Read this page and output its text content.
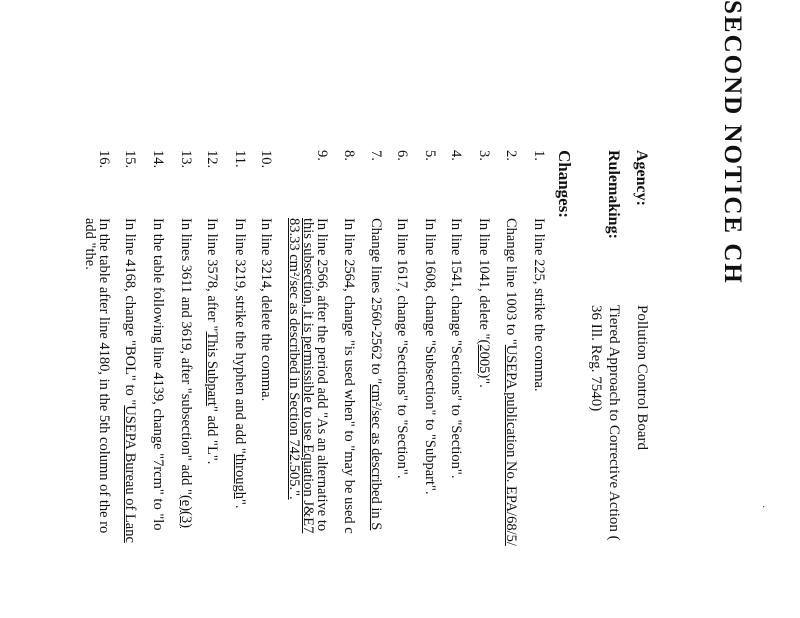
SECOND NOTICE CH
·
Agency:
Pollution Control Board
Rulemaking:
Tiered Approach to Corrective Action (
36 Ill. Reg. 7540)
Changes:
1.
In line 225, strike the comma.
2.
Change line 1003 to "USEPA publication No. EPA/68/5/
3.
In line 1041, delete "(2005)".
4.
In line 1541, change "Sections" to "Section".
5.
In line 1608, change "Subsection" to "Subpart".
6.
In line 1617, change "Sections" to "Section".
7.
Change lines 2560-2562 to "cm²/sec as described in S
8.
In line 2564, change "is used when" to "may be used c
9.
In line 2566, after the period add "As an alternative to
this subsection, it is permissible to use Equation J&E7
83.33 cm²/sec as described in Section 742.505.".
10.
In line 3214, delete the comma.
11.
In line 3219, strike the hyphen and add "through".
12.
In line 3578, after "This Subpart" add "L".
13.
In lines 3611 and 3619, after "subsection" add "(e)(3)
14.
In the table following line 4139, change "7rcm" to "lo
15.
In line 4168, change "BOL" to "USEPA Bureau of Lanc
16.
In the table after line 4180, in the 5th column of the ro
add "the.
